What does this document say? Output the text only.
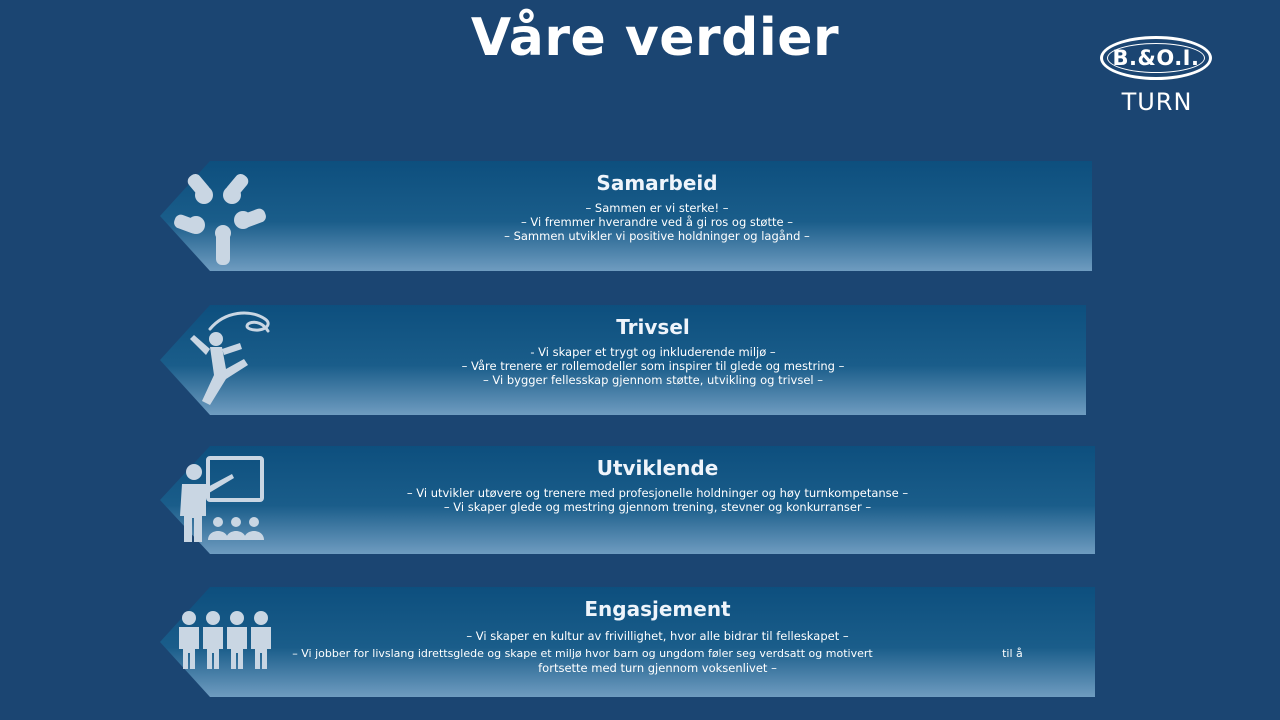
Våre verdier	B.&O.I.
TURN
Samarbeid
– Sammen er vi sterke! –
– Vi fremmer hverandre ved å gi ros og støtte –
– Sammen utvikler vi positive holdninger og lagånd –
Trivsel
- Vi skaper et trygt og inkluderende miljø –
– Våre trenere er rollemodeller som inspirer til glede og mestring –
– Vi bygger fellesskap gjennom støtte, utvikling og trivsel –
Utviklende
– Vi utvikler utøvere og trenere med profesjonelle holdninger og høy turnkompetanse –
– Vi skaper glede og mestring gjennom trening, stevner og konkurranser –
Engasjement
– Vi skaper en kultur av frivillighet, hvor alle bidrar til felleskapet –
– Vi jobber for livslang idrettsglede og skape et miljø hvor barn og ungdom føler seg verdsatt og motivert                                     til å
fortsette med turn gjennom voksenlivet –
